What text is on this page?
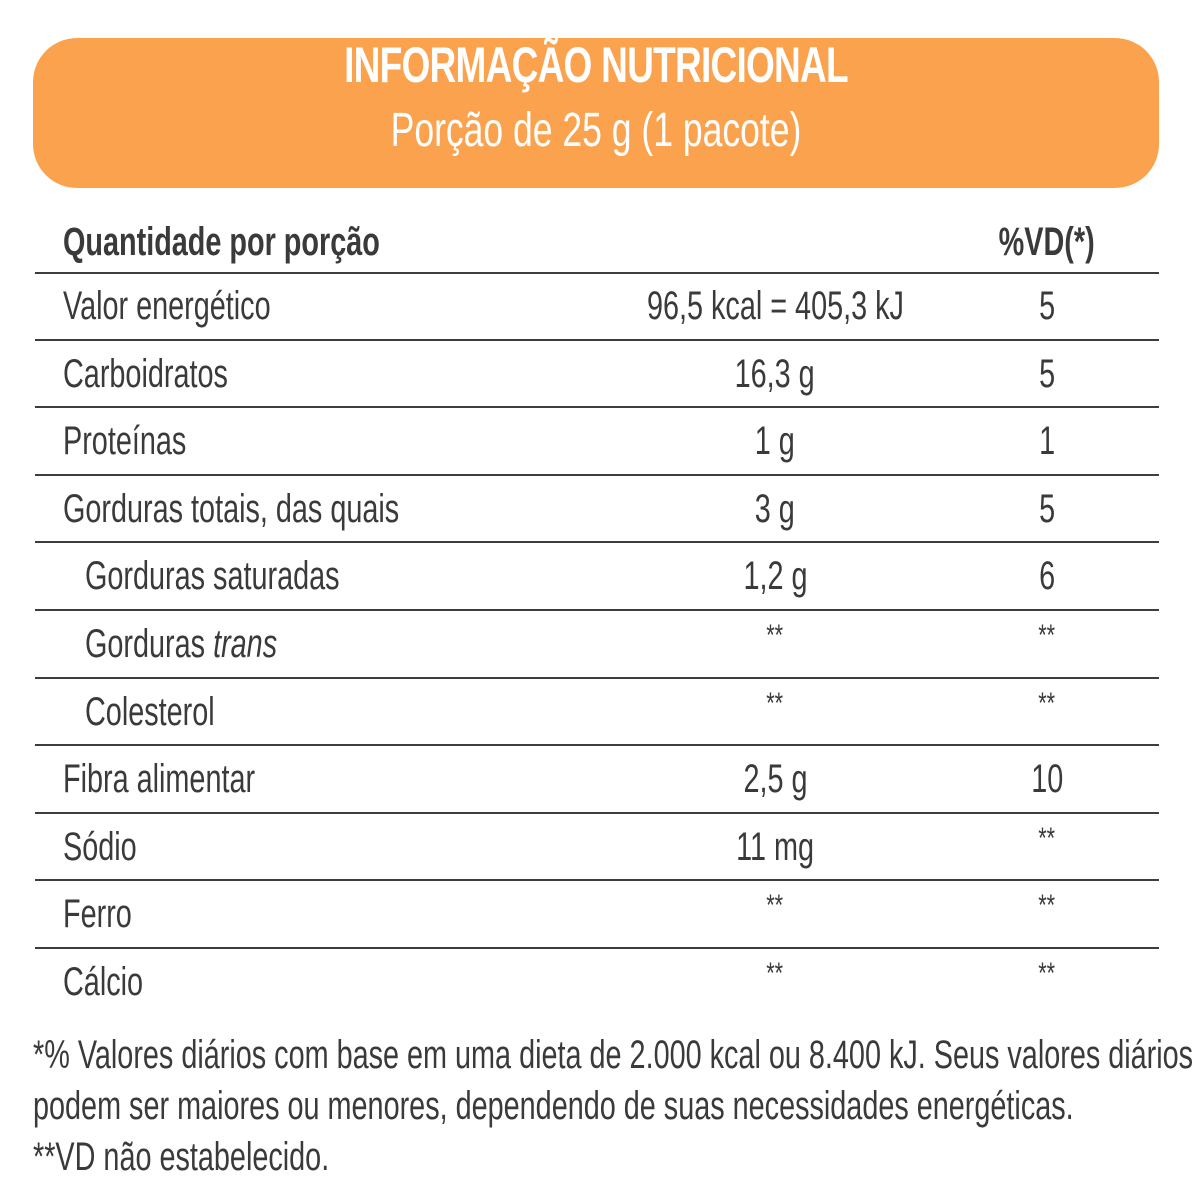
INFORMAÇÃO NUTRICIONAL
Porção de 25 g (1 pacote)
Quantidade por porção	%VD(*)
Valor energético	96,5 kcal = 405,3 kJ	5
Carboidratos	16,3 g	5
Proteínas	1 g	1
Gorduras totais, das quais	3 g	5
Gorduras saturadas	1,2 g	6
Gorduras trans	**	**
Colesterol	**	**
Fibra alimentar	2,5 g	10
Sódio	11 mg	**
Ferro	**	**
Cálcio	**	**

*% Valores diários com base em uma dieta de 2.000 kcal ou 8.400 kJ. Seus valores diários

podem ser maiores ou menores, dependendo de suas necessidades energéticas.

**VD não estabelecido.
